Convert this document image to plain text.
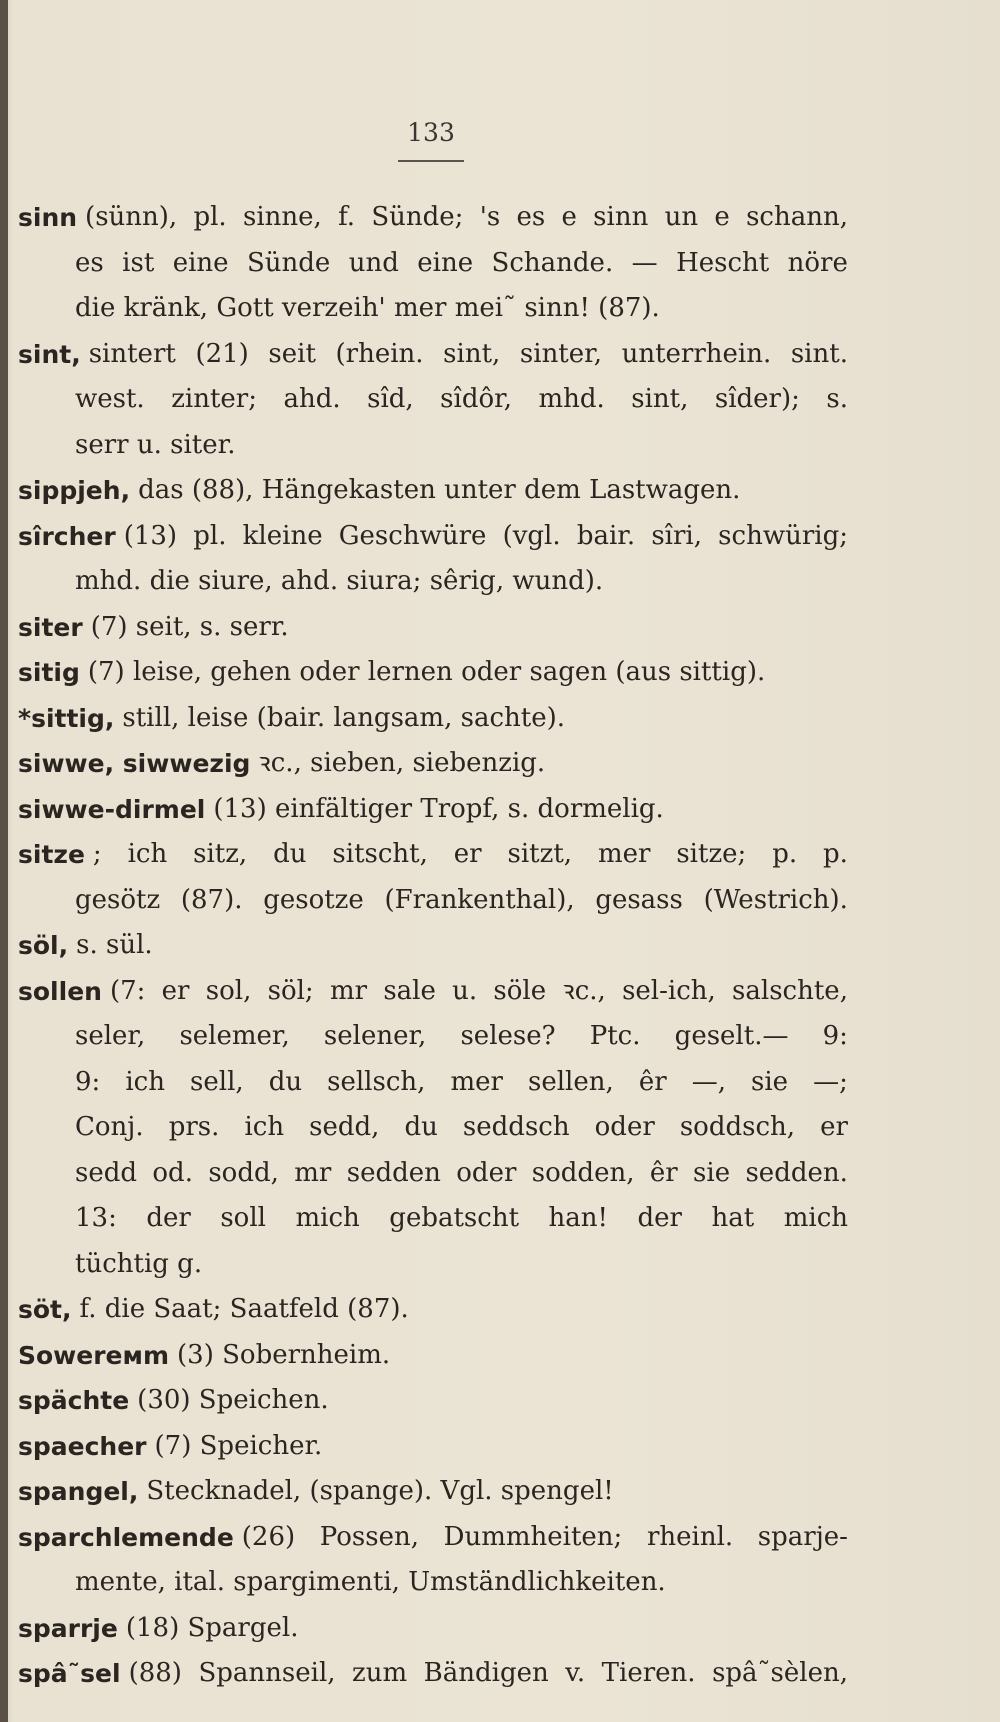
133
sinn (sünn), pl. sinne, f. Sünde; 's es e sinn un e schann,
es ist eine Sünde und eine Schande. — Hescht nöre
die kränk, Gott verzeih' mer mei˜ sinn! (87).
sint, sintert (21) seit (rhein. sint, sinter, unterrhein. sint.
west. zinter; ahd. sîd, sîdôr, mhd. sint, sîder); s.
serr u. siter.
sippjeh, das (88), Hängekasten unter dem Lastwagen.
sîrcher (13) pl. kleine Geschwüre (vgl. bair. sîri, schwürig;
mhd. die siure, ahd. siura; sêrig, wund).
siter (7) seit, s. serr.
sitig (7) leise, gehen oder lernen oder sagen (aus sittig).
*sittig, still, leise (bair. langsam, sachte).
siwwe, siwwezig ꝛc., sieben, siebenzig.
siwwe-dirmel (13) einfältiger Tropf, s. dormelig.
sitze ; ich sitz, du sitscht, er sitzt, mer sitze; p. p.
gesötz (87). gesotze (Frankenthal), gesass (Westrich).
söl, s. sül.
sollen (7: er sol, söl; mr sale u. söle ꝛc., sel-ich, salschte,
seler, selemer, selener, selese? Ptc. geselt.— 9:
9: ich sell, du sellsch, mer sellen, êr —, sie —;
Conj. prs. ich sedd, du seddsch oder soddsch, er
sedd od. sodd, mr sedden oder sodden, êr sie sedden.
13: der soll mich gebatscht han! der hat mich
tüchtig g.
söt, f. die Saat; Saatfeld (87).
Sowerемm (3) Sobernheim.
spächte (30) Speichen.
spaecher (7) Speicher.
spangel, Stecknadel, (spange). Vgl. spengel!
sparchlemende (26) Possen, Dummheiten; rheinl. sparje-
mente, ital. spargimenti, Umständlichkeiten.
sparrje (18) Spargel.
spâ˜sel (88) Spannseil, zum Bändigen v. Tieren. spâ˜sèlen,
